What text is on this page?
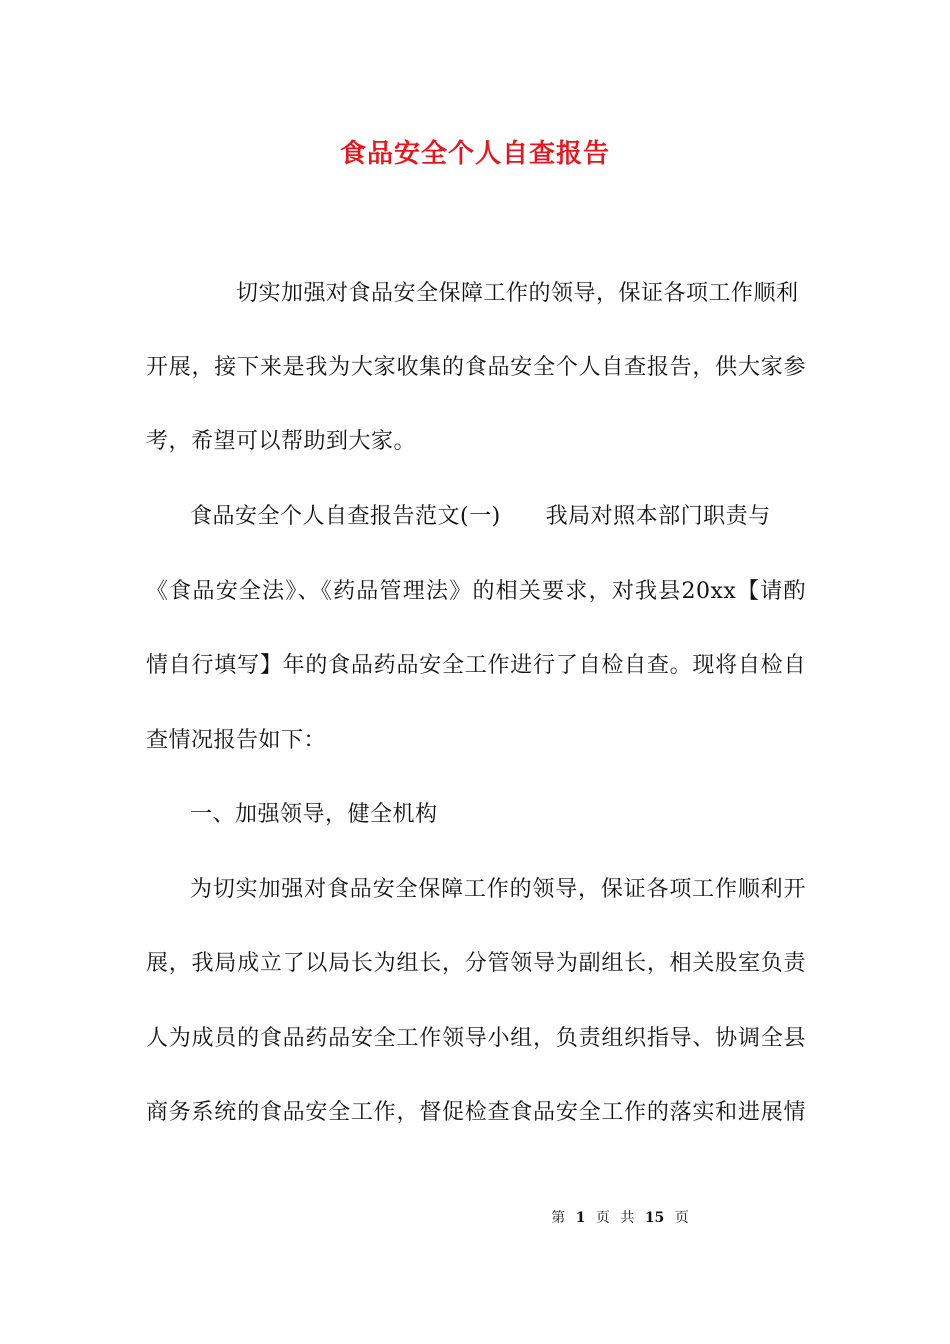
食品安全个人自查报告
切实加强对食品安全保障工作的领导，保证各项工作顺利
开展，接下来是我为大家收集的食品安全个人自查报告，供大家参
考，希望可以帮助到大家。
食品安全个人自查报告范文(一)　　我局对照本部门职责与
《食品安全法》、《药品管理法》的相关要求，对我县20xx【请酌
情自行填写】年的食品药品安全工作进行了自检自查。现将自检自
查情况报告如下：
一、加强领导，健全机构
为切实加强对食品安全保障工作的领导，保证各项工作顺利开
展，我局成立了以局长为组长，分管领导为副组长，相关股室负责
人为成员的食品药品安全工作领导小组，负责组织指导、协调全县
商务系统的食品安全工作，督促检查食品安全工作的落实和进展情
第 1 页 共 15 页
